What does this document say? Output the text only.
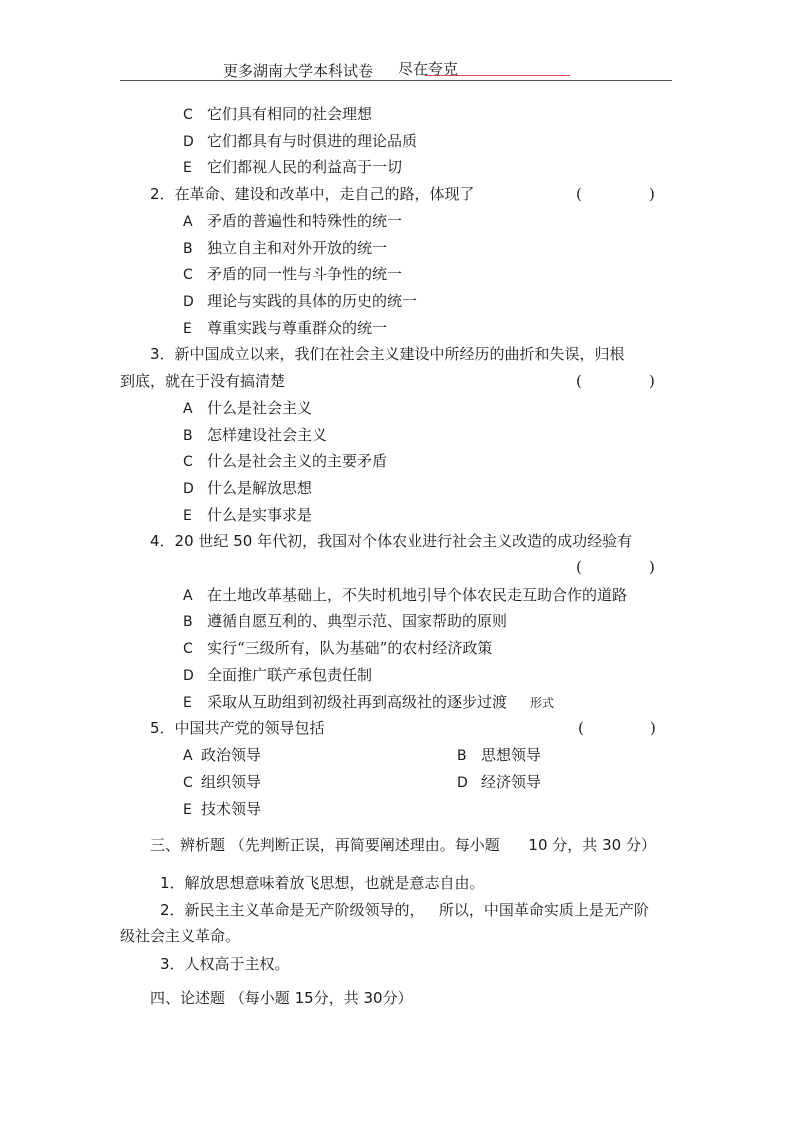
更多湖南大学本科试卷 尽在夸克
C 它们具有相同的社会理想
D 它们都具有与时俱进的理论品质
E 它们都视人民的利益高于一切
2．在革命、建设和改革中，走自己的路，体现了	(	)
A 矛盾的普遍性和特殊性的统一
B 独立自主和对外开放的统一
C 矛盾的同一性与斗争性的统一
D 理论与实践的具体的历史的统一
E 尊重实践与尊重群众的统一
3．新中国成立以来，我们在社会主义建设中所经历的曲折和失误，归根
到底，就在于没有搞清楚	(	)
A 什么是社会主义
B 怎样建设社会主义
C 什么是社会主义的主要矛盾
D 什么是解放思想
E 什么是实事求是
4．20 世纪 50 年代初，我国对个体农业进行社会主义改造的成功经验有
(	)
A 在土地改革基础上，不失时机地引导个体农民走互助合作的道路
B 遵循自愿互利的、典型示范、国家帮助的原则
C 实行“三级所有，队为基础”的农村经济政策
D 全面推广联产承包责任制
E 采取从互助组到初级社再到高级社的逐步过渡 形式
5．中国共产党的领导包括	(	)
A 政治领导	B 思想领导
C 组织领导	D 经济领导
E 技术领导
三、辨析题 （先判断正误，再简要阐述理由。每小题 10 分，共 30 分）
1．解放思想意味着放飞思想，也就是意志自由。
2．新民主主义革命是无产阶级领导的， 所以，中国革命实质上是无产阶
级社会主义革命。
3．人权高于主权。
四、论述题 （每小题 15分，共 30分）
